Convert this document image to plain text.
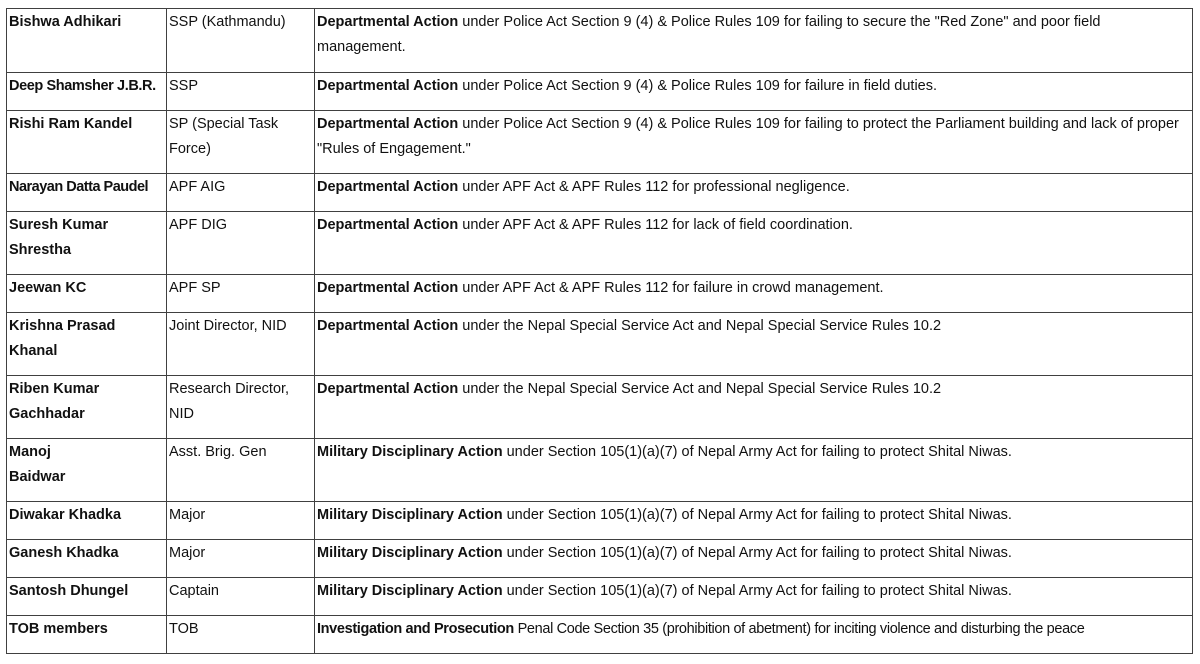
Bishwa Adhikari	SSP (Kathmandu)	Departmental Action under Police Act Section 9 (4) & Police Rules 109 for failing to secure the "Red Zone" and poor field management.
Deep Shamsher J.B.R.	SSP	Departmental Action under Police Act Section 9 (4) & Police Rules 109 for failure in field duties.
Rishi Ram Kandel	SP (Special Task Force)	Departmental Action under Police Act Section 9 (4) & Police Rules 109 for failing to protect the Parliament building and lack of proper "Rules of Engagement."
Narayan Datta Paudel	APF AIG	Departmental Action under APF Act & APF Rules 112 for professional negligence.
Suresh Kumar Shrestha	APF DIG	Departmental Action under APF Act & APF Rules 112 for lack of field coordination.
Jeewan KC	APF SP	Departmental Action under APF Act & APF Rules 112 for failure in crowd management.
Krishna Prasad Khanal	Joint Director, NID	Departmental Action under the Nepal Special Service Act and Nepal Special Service Rules 10.2
Riben Kumar Gachhadar	Research Director, NID	Departmental Action under the Nepal Special Service Act and Nepal Special Service Rules 10.2
Manoj Baidwar	Asst. Brig. Gen	Military Disciplinary Action under Section 105(1)(a)(7) of Nepal Army Act for failing to protect Shital Niwas.
Diwakar Khadka	Major	Military Disciplinary Action under Section 105(1)(a)(7) of Nepal Army Act for failing to protect Shital Niwas.
Ganesh Khadka	Major	Military Disciplinary Action under Section 105(1)(a)(7) of Nepal Army Act for failing to protect Shital Niwas.
Santosh Dhungel	Captain	Military Disciplinary Action under Section 105(1)(a)(7) of Nepal Army Act for failing to protect Shital Niwas.
TOB members	TOB	Investigation and Prosecution Penal Code Section 35 (prohibition of abetment) for inciting violence and disturbing the peace
